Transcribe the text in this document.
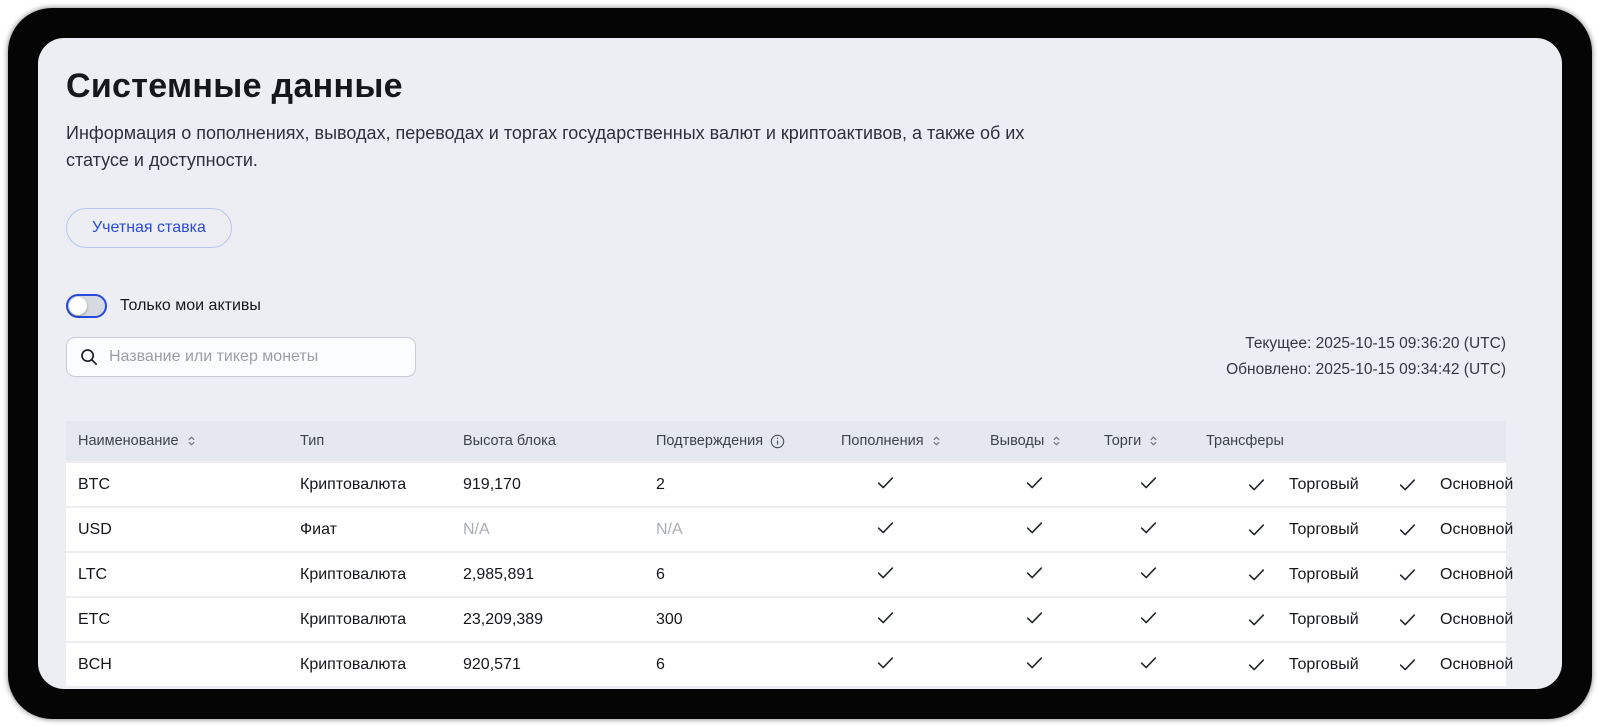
Системные данные

Информация о пополнениях, выводах, переводах и торгах государственных валют и криптоактивов, а также об их статусе и доступности.

Учетная ставка
Только мои активы
Название или тикер монеты
Текущее: 2025-10-15 09:36:20 (UTC)
Обновлено: 2025-10-15 09:34:42 (UTC)
Наименование	Тип	Высота блока	Подтверждения	Пополнения	Выводы	Торги	Трансферы

BTC	Криптовалюта	919,170	2				Торговый Основной

USD	Фиат	N/A	N/A				Торговый Основной

LTC	Криптовалюта	2,985,891	6				Торговый Основной

ETC	Криптовалюта	23,209,389	300				Торговый Основной

BCH	Криптовалюта	920,571	6				Торговый Основной
